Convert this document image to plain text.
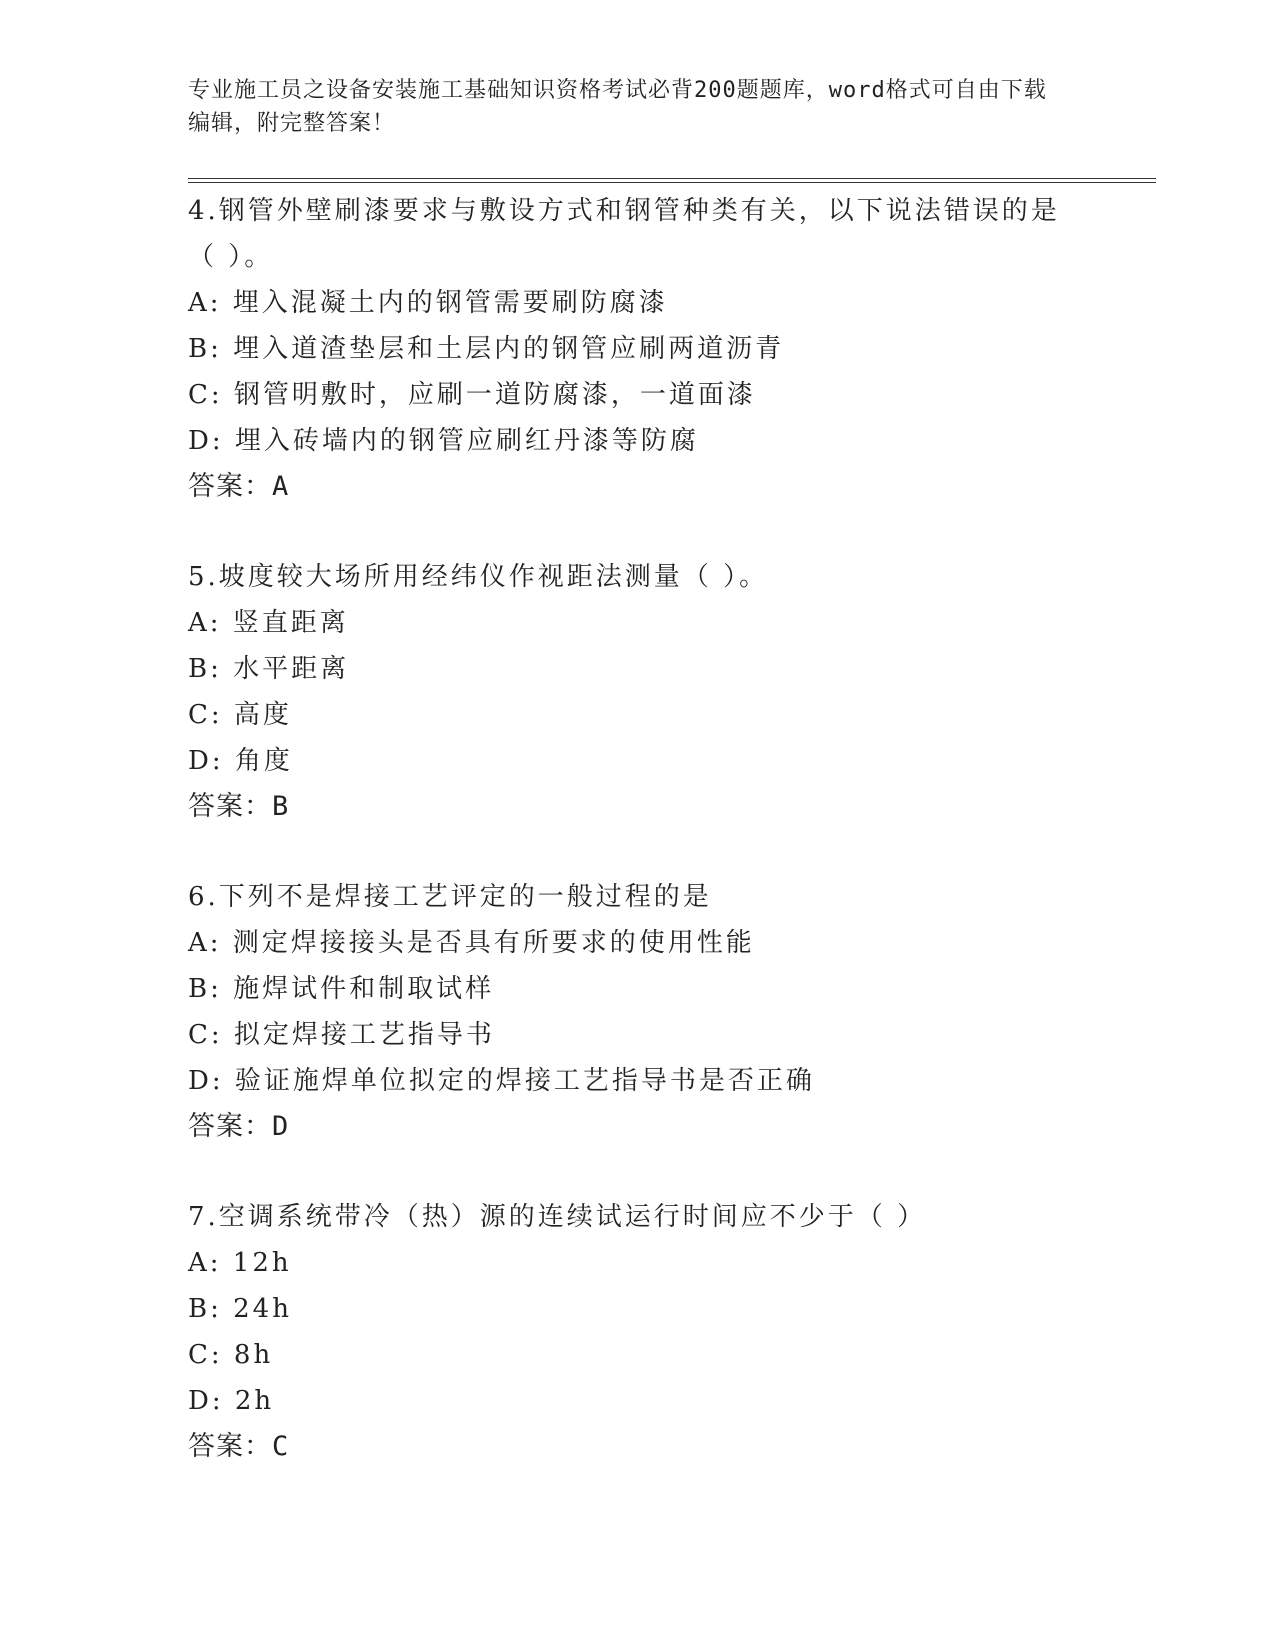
专业施工员之设备安装施工基础知识资格考试必背200题题库，word格式可自由下载编辑，附完整答案！

4.钢管外壁刷漆要求与敷设方式和钢管种类有关，以下说法错误的是（ ）。

A: 埋入混凝土内的钢管需要刷防腐漆
B: 埋入道渣垫层和土层内的钢管应刷两道沥青
C: 钢管明敷时，应刷一道防腐漆，一道面漆
D: 埋入砖墙内的钢管应刷红丹漆等防腐
答案：A

5.坡度较大场所用经纬仪作视距法测量（ ）。

A: 竖直距离
B: 水平距离
C: 高度
D: 角度
答案：B

6.下列不是焊接工艺评定的一般过程的是

A: 测定焊接接头是否具有所要求的使用性能
B: 施焊试件和制取试样
C: 拟定焊接工艺指导书
D: 验证施焊单位拟定的焊接工艺指导书是否正确
答案：D

7.空调系统带冷（热）源的连续试运行时间应不少于（ ）

A: 12h
B: 24h
C: 8h
D: 2h
答案：C
